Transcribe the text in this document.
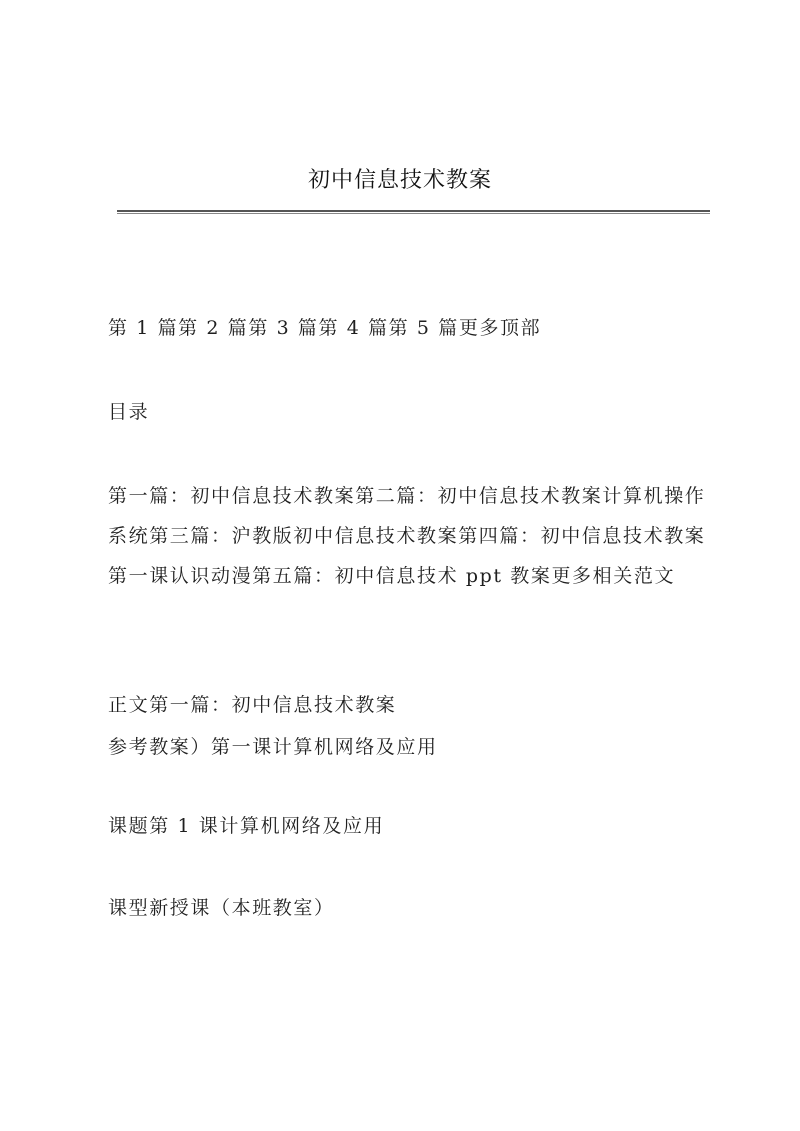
初中信息技术教案

第 1 篇第 2 篇第 3 篇第 4 篇第 5 篇更多顶部

目录

第一篇：初中信息技术教案第二篇：初中信息技术教案计算机操作系统第三篇：沪教版初中信息技术教案第四篇：初中信息技术教案第一课认识动漫第五篇：初中信息技术 ppt 教案更多相关范文

正文第一篇：初中信息技术教案
参考教案）第一课计算机网络及应用

课题第 1 课计算机网络及应用

课型新授课（本班教室）
